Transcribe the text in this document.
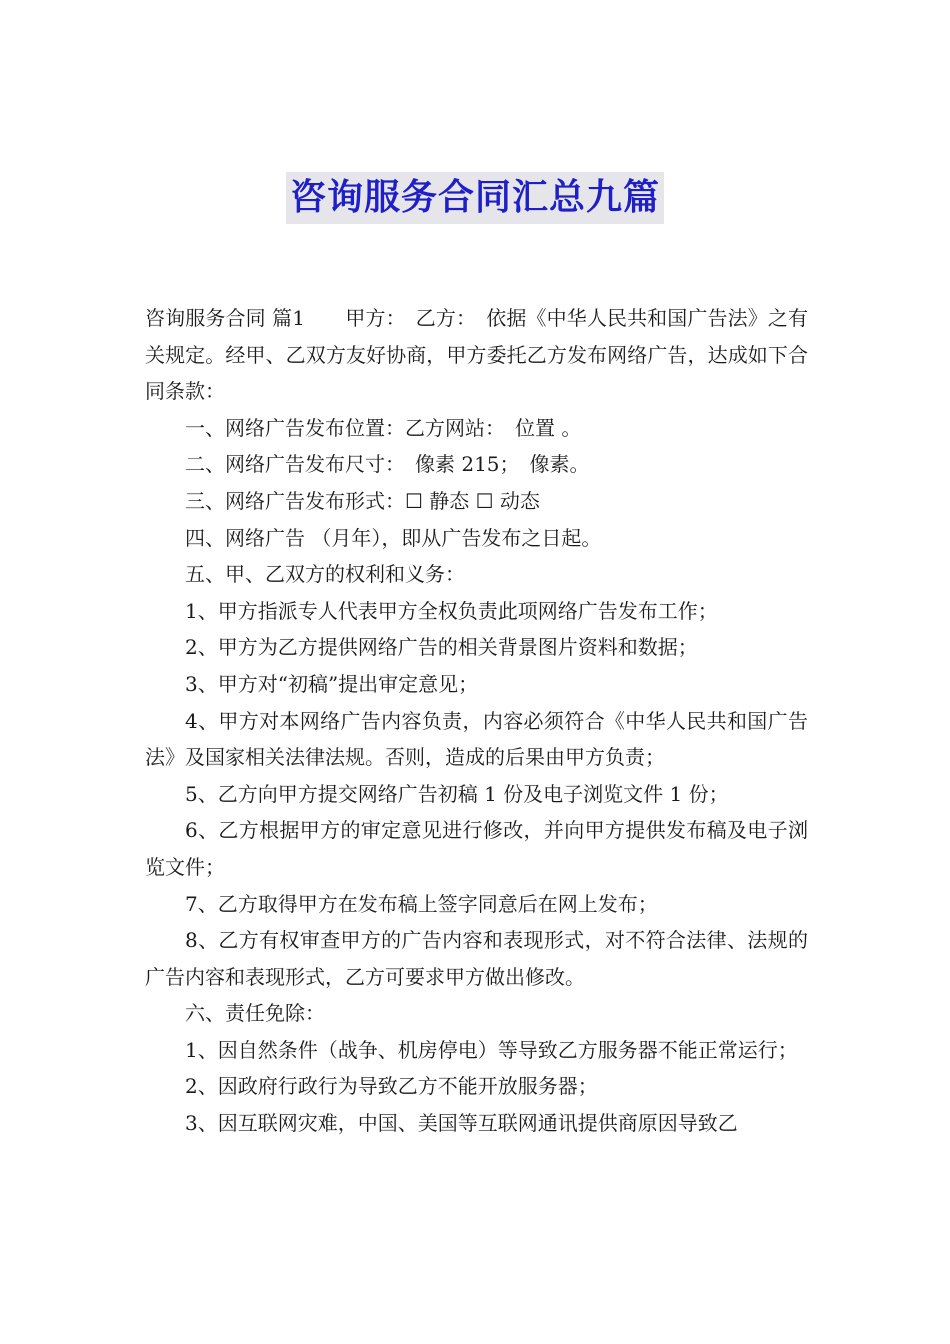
咨询服务合同汇总九篇

咨询服务合同 篇1　　甲方：　乙方：　依据《中华人民共和国广告法》之有关规定。经甲、乙双方友好协商，甲方委托乙方发布网络广告，达成如下合同条款：

一、网络广告发布位置：乙方网站：　位置 。

二、网络广告发布尺寸：　像素 215；　像素。

三、网络广告发布形式：☐ 静态 ☐ 动态

四、网络广告 （月年），即从广告发布之日起。

五、甲、乙双方的权利和义务：

1、甲方指派专人代表甲方全权负责此项网络广告发布工作；

2、甲方为乙方提供网络广告的相关背景图片资料和数据；

3、甲方对“初稿”提出审定意见；

4、甲方对本网络广告内容负责，内容必须符合《中华人民共和国广告法》及国家相关法律法规。否则，造成的后果由甲方负责；

5、乙方向甲方提交网络广告初稿 1 份及电子浏览文件 1 份；

6、乙方根据甲方的审定意见进行修改，并向甲方提供发布稿及电子浏览文件；

7、乙方取得甲方在发布稿上签字同意后在网上发布；

8、乙方有权审查甲方的广告内容和表现形式，对不符合法律、法规的广告内容和表现形式，乙方可要求甲方做出修改。

六、责任免除：

1、因自然条件（战争、机房停电）等导致乙方服务器不能正常运行；

2、因政府行政行为导致乙方不能开放服务器；

3、因互联网灾难，中国、美国等互联网通讯提供商原因导致乙
